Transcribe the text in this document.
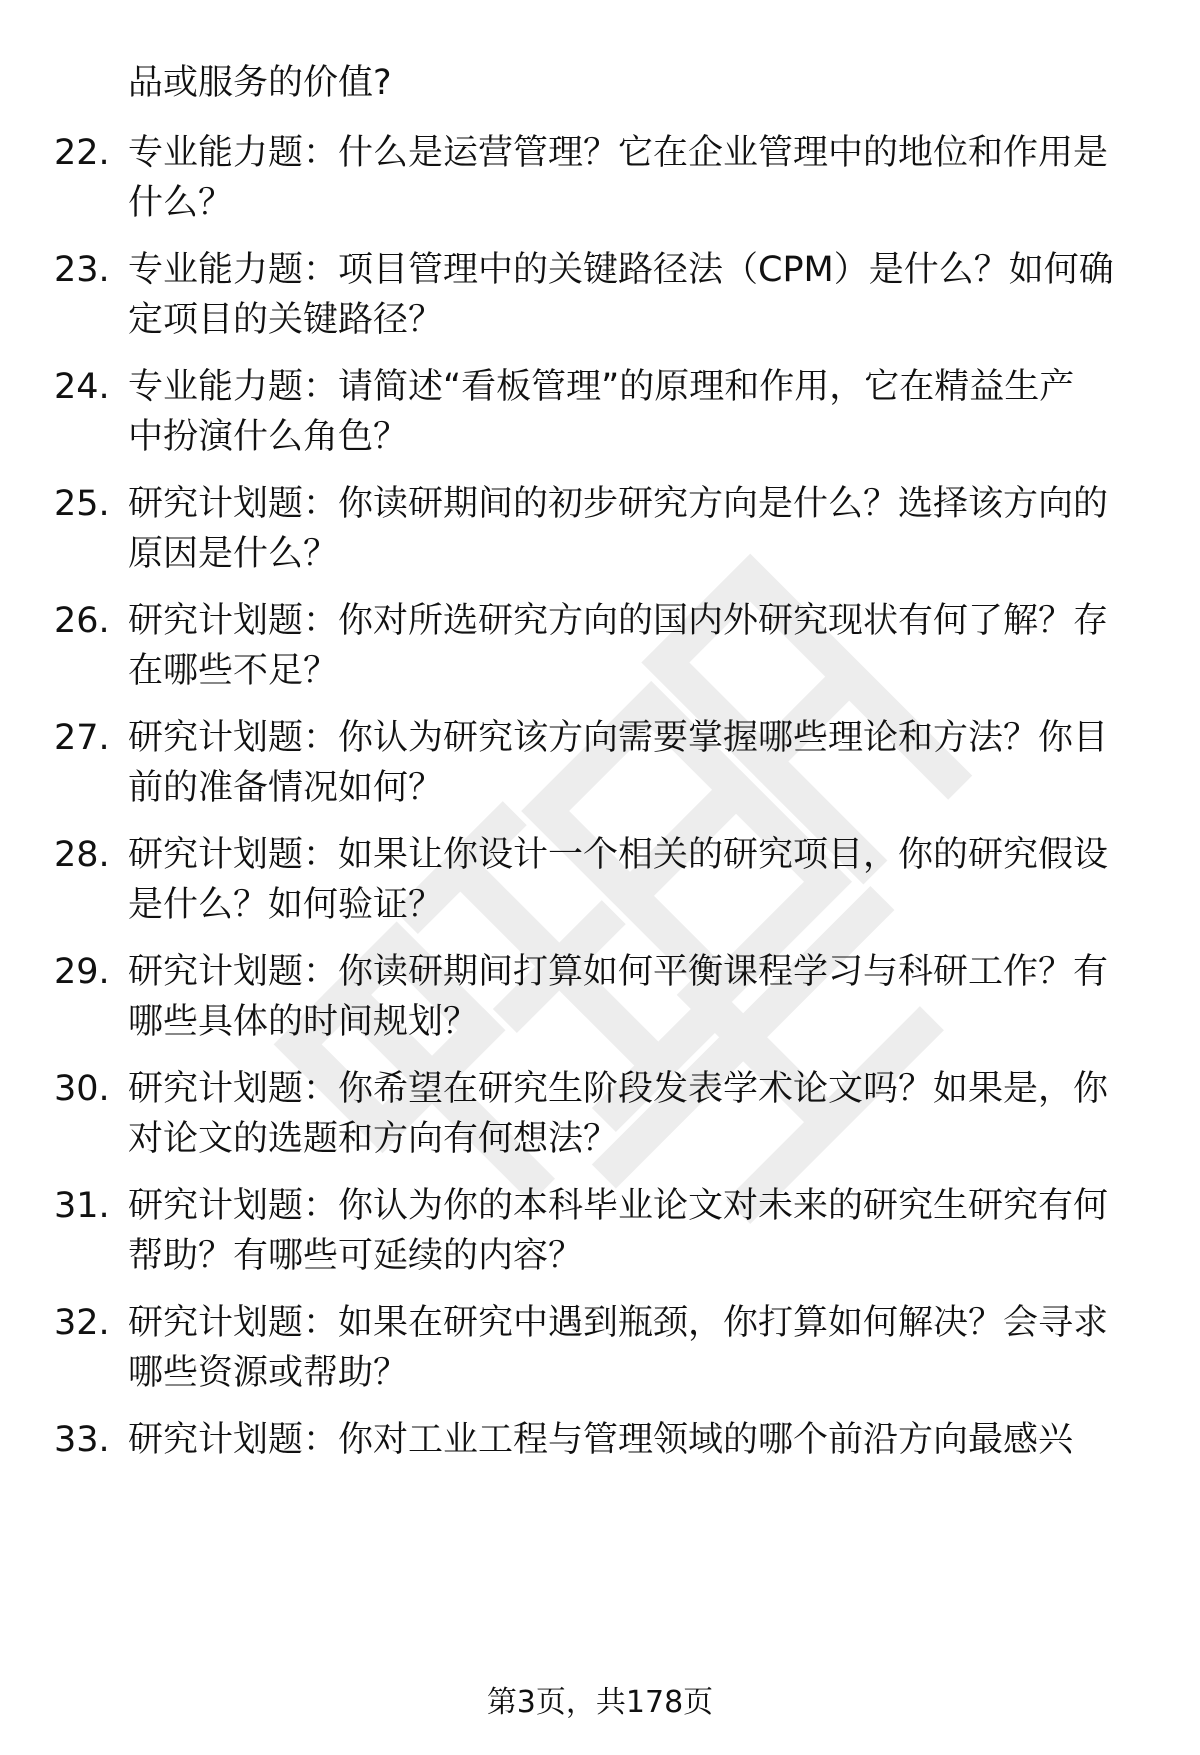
品或服务的价值?
22. 专业能力题：什么是运营管理？它在企业管理中的地位和作用是
什么？
23. 专业能力题：项目管理中的关键路径法（CPM）是什么？如何确
定项目的关键路径？
24. 专业能力题：请简述“看板管理”的原理和作用，它在精益生产
中扮演什么角色？
25. 研究计划题：你读研期间的初步研究方向是什么？选择该方向的
原因是什么？
26. 研究计划题：你对所选研究方向的国内外研究现状有何了解？存
在哪些不足？
27. 研究计划题：你认为研究该方向需要掌握哪些理论和方法？你目
前的准备情况如何？
28. 研究计划题：如果让你设计一个相关的研究项目，你的研究假设
是什么？如何验证？
29. 研究计划题：你读研期间打算如何平衡课程学习与科研工作？有
哪些具体的时间规划？
30. 研究计划题：你希望在研究生阶段发表学术论文吗？如果是，你
对论文的选题和方向有何想法？
31. 研究计划题：你认为你的本科毕业论文对未来的研究生研究有何
帮助？有哪些可延续的内容？
32. 研究计划题：如果在研究中遇到瓶颈，你打算如何解决？会寻求
哪些资源或帮助？
33. 研究计划题：你对工业工程与管理领域的哪个前沿方向最感兴
第3页，共178页
